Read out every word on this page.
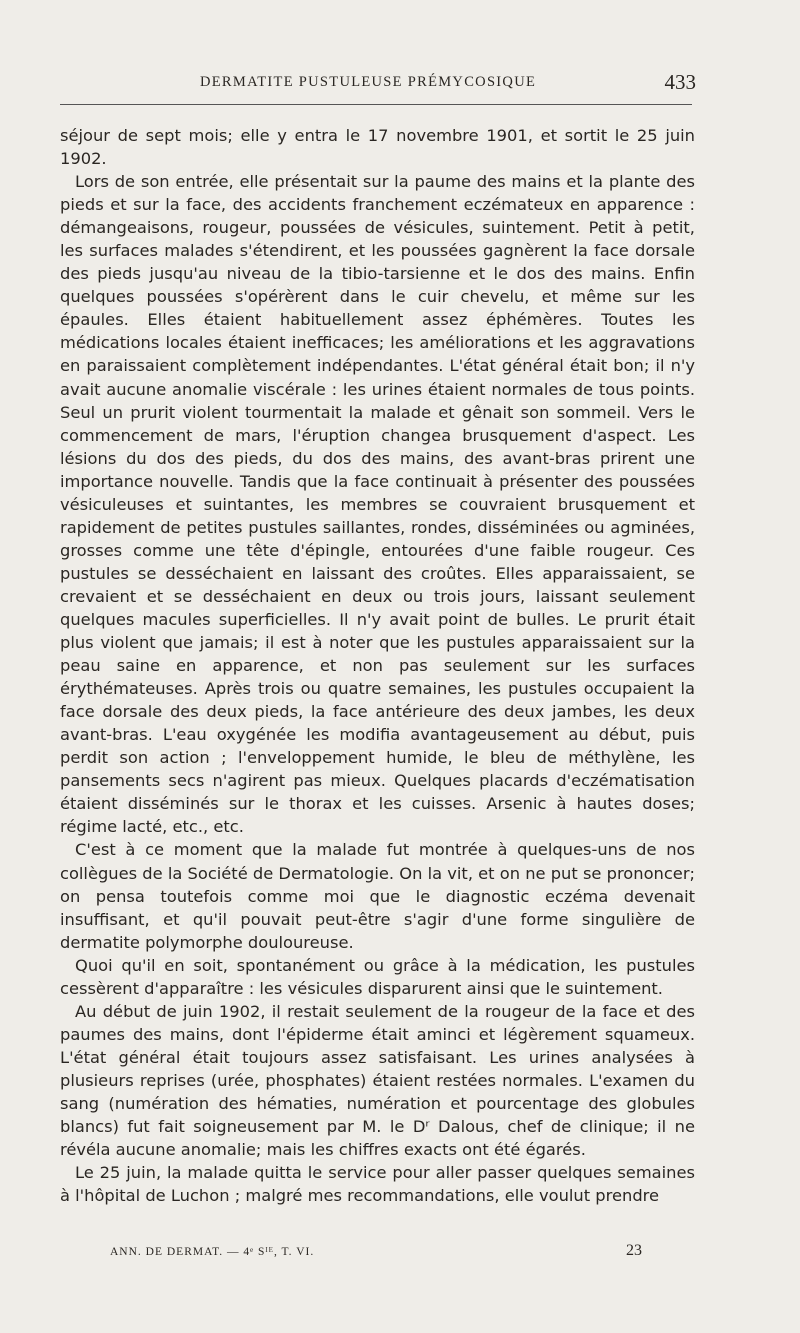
DERMATITE PUSTULEUSE PRÉMYCOSIQUE	433

séjour de sept mois; elle y entra le 17 novembre 1901, et sortit le 25 juin 1902.

Lors de son entrée, elle présentait sur la paume des mains et la plante des pieds et sur la face, des accidents franchement eczémateux en apparence : démangeaisons, rougeur, poussées de vésicules, suintement. Petit à petit, les surfaces malades s'étendirent, et les poussées gagnèrent la face dorsale des pieds jusqu'au niveau de la tibio-tarsienne et le dos des mains. Enfin quelques poussées s'opérèrent dans le cuir chevelu, et même sur les épaules. Elles étaient habituellement assez éphémères. Toutes les médications locales étaient inefficaces; les améliorations et les aggravations en paraissaient complètement indépendantes. L'état général était bon; il n'y avait aucune anomalie viscérale : les urines étaient normales de tous points. Seul un prurit violent tourmentait la malade et gênait son sommeil. Vers le commencement de mars, l'éruption changea brusquement d'aspect. Les lésions du dos des pieds, du dos des mains, des avant-bras prirent une importance nouvelle. Tandis que la face continuait à présenter des poussées vésiculeuses et suintantes, les membres se couvraient brusquement et rapidement de petites pustules saillantes, rondes, disséminées ou agminées, grosses comme une tête d'épingle, entourées d'une faible rougeur. Ces pustules se desséchaient en laissant des croûtes. Elles apparaissaient, se crevaient et se desséchaient en deux ou trois jours, laissant seulement quelques macules superficielles. Il n'y avait point de bulles. Le prurit était plus violent que jamais; il est à noter que les pustules apparaissaient sur la peau saine en apparence, et non pas seulement sur les surfaces érythémateuses. Après trois ou quatre semaines, les pustules occupaient la face dorsale des deux pieds, la face antérieure des deux jambes, les deux avant-bras. L'eau oxygénée les modifia avantageusement au début, puis perdit son action ; l'enveloppement humide, le bleu de méthylène, les pansements secs n'agirent pas mieux. Quelques placards d'eczématisation étaient disséminés sur le thorax et les cuisses. Arsenic à hautes doses; régime lacté, etc., etc.

C'est à ce moment que la malade fut montrée à quelques-uns de nos collègues de la Société de Dermatologie. On la vit, et on ne put se prononcer; on pensa toutefois comme moi que le diagnostic eczéma devenait insuffisant, et qu'il pouvait peut-être s'agir d'une forme singulière de dermatite polymorphe douloureuse.

Quoi qu'il en soit, spontanément ou grâce à la médication, les pustules cessèrent d'apparaître : les vésicules disparurent ainsi que le suintement.

Au début de juin 1902, il restait seulement de la rougeur de la face et des paumes des mains, dont l'épiderme était aminci et légèrement squameux. L'état général était toujours assez satisfaisant. Les urines analysées à plusieurs reprises (urée, phosphates) étaient restées normales. L'examen du sang (numération des hématies, numération et pourcentage des globules blancs) fut fait soigneusement par M. le Dʳ Dalous, chef de clinique; il ne révéla aucune anomalie; mais les chiffres exacts ont été égarés.

Le 25 juin, la malade quitta le service pour aller passer quelques semaines à l'hôpital de Luchon ; malgré mes recommandations, elle voulut prendre

ANN. DE DERMAT. — 4ᵉ Sᴵᴱ, T. VI.	23
